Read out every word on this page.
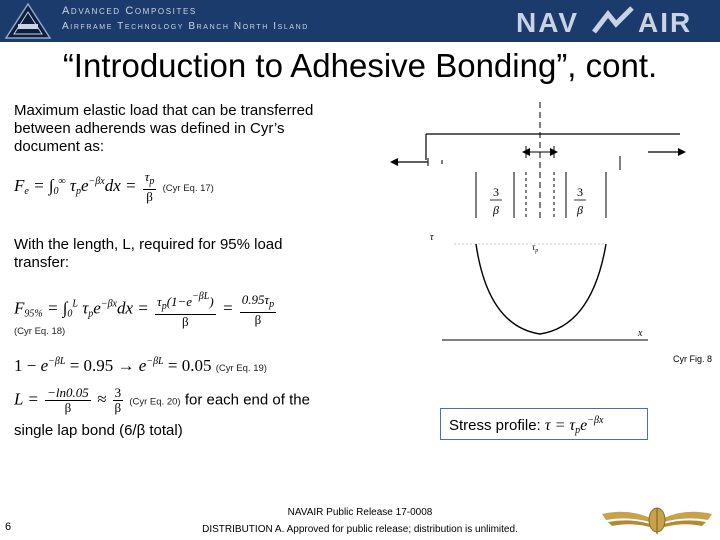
Advanced Composites
Airframe Technology Branch North Island	NAV AIR
“Introduction to Adhesive Bonding”, cont.
Maximum elastic load that can be transferred between adherends was defined in Cyr’s document as:
$F_e = \int_0^\infty$ $\tau_pe^{-\beta x}dx = \frac{\tau_p}{\beta} (Cyr$ Eq. 17)
With the length, L, required for 95% load transfer:
$F_{95\%} = \int_0^L$ $\tau_pe^{-\beta x}dx = \frac{\tau_p(1-e^{-\beta L})}{\beta} = \frac{0.95\tau_p}{\beta}$
(Cyr Eq. 18)
$1 - e^{-\beta L} = 0.95 \to e^{-\beta L} = 0.05$ (Cyr Eq. 19)
$L = \frac{-\ln 0.05}{\beta} \approx \frac{3}{\beta} (Cyr$ Eq. 20) for each end of the
single lap bond (6/β total)
3
β
3
β
τ
$\tau_p$
x
Cyr Fig. 8
Stress profile: $\tau = \tau_pe^{-\beta x}$
6
NAVAIR Public Release 17-0008
DISTRIBUTION A. Approved for public release; distribution is unlimited.
